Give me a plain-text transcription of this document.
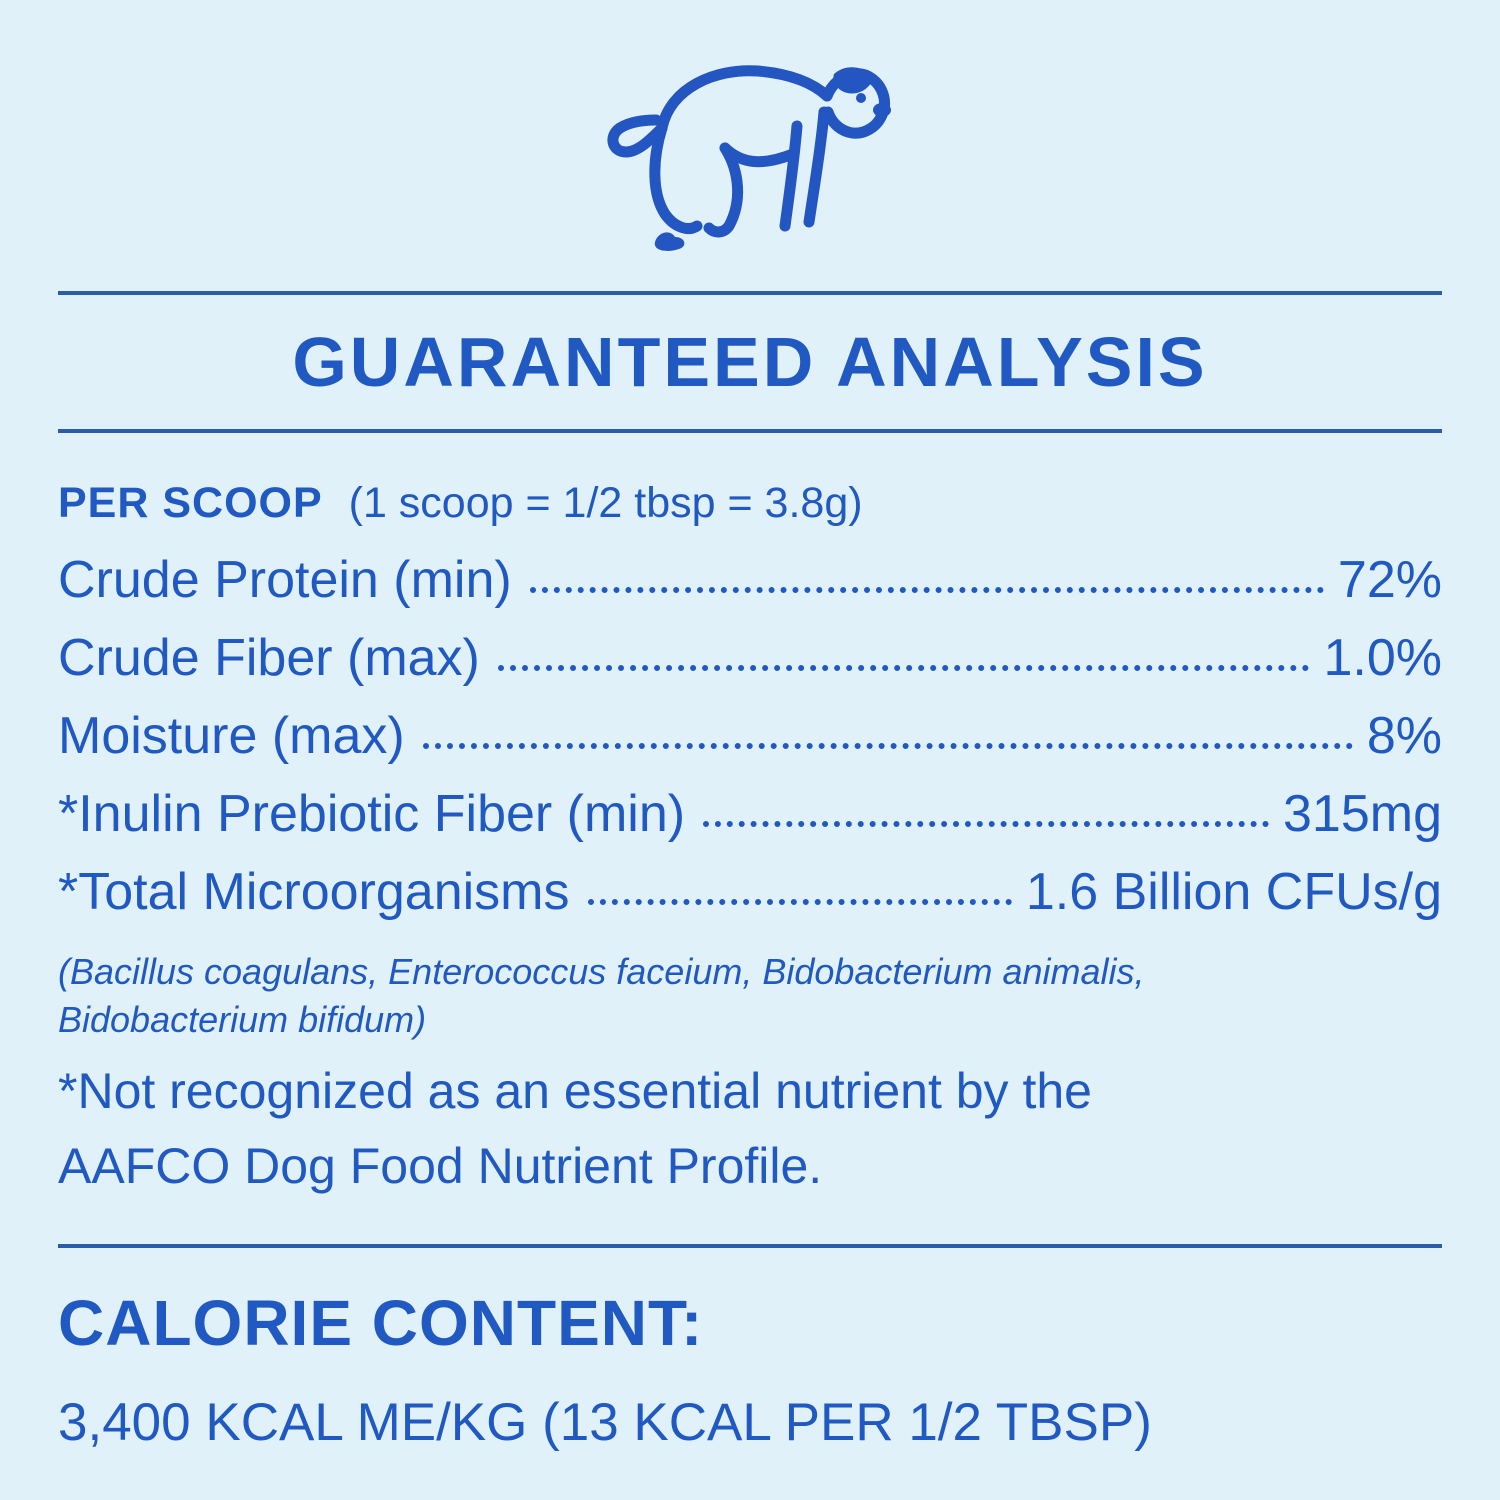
GUARANTEED ANALYSIS
PER SCOOP (1 scoop = 1/2 tbsp = 3.8g)
Crude Protein (min)	72%
Crude Fiber (max)	1.0%
Moisture (max)	8%
*Inulin Prebiotic Fiber (min)	315mg
*Total Microorganisms	1.6 Billion CFUs/g
(Bacillus coagulans, Enterococcus faceium, Bidobacterium animalis,
Bidobacterium bifidum)
*Not recognized as an essential nutrient by the
AAFCO Dog Food Nutrient Profile.
CALORIE CONTENT:
3,400 KCAL ME/KG (13 KCAL PER 1/2 TBSP)
